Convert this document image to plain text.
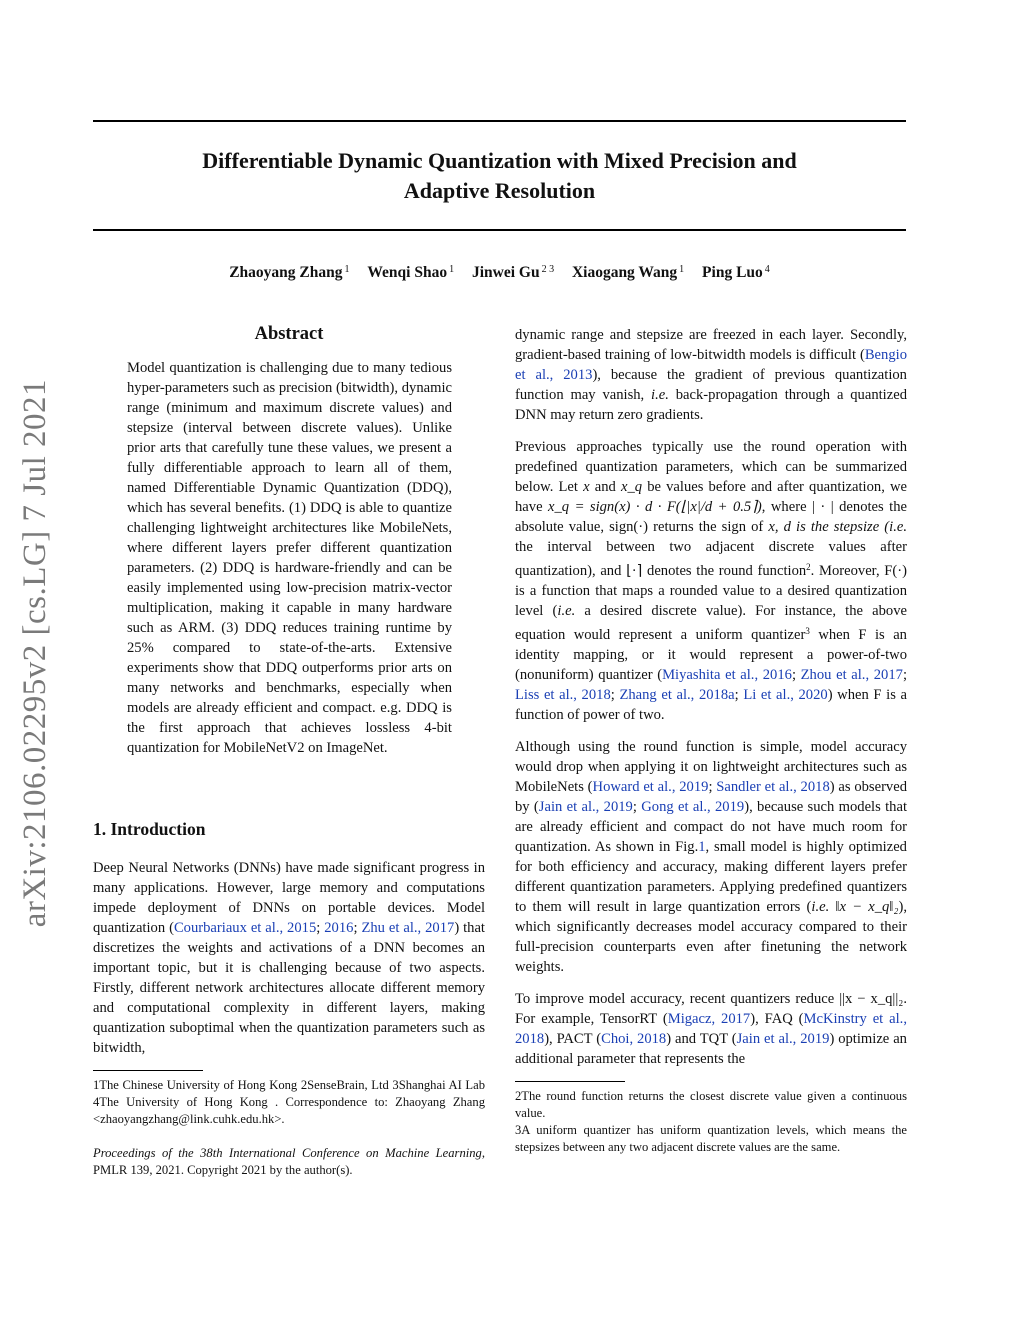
arXiv:2106.02295v2 [cs.LG] 7 Jul 2021
Differentiable Dynamic Quantization with Mixed Precision and
Adaptive Resolution
Zhaoyang Zhang $^1$ Wenqi Shao $^1$ Jinwei Gu $^{2 3}$ Xiaogang Wang $^1$ Ping Luo $^4$
Abstract
Model quantization is challenging due to many tedious hyper-parameters such as precision (bitwidth), dynamic range (minimum and maximum discrete values) and stepsize (interval between discrete values). Unlike prior arts that carefully tune these values, we present a fully differentiable approach to learn all of them, named Differentiable Dynamic Quantization (DDQ), which has several benefits. (1) DDQ is able to quantize challenging lightweight architectures like MobileNets, where different layers prefer different quantization parameters. (2) DDQ is hardware-friendly and can be easily implemented using low-precision matrix-vector multiplication, making it capable in many hardware such as ARM. (3) DDQ reduces training runtime by 25% compared to state-of-the-arts. Extensive experiments show that DDQ outperforms prior arts on many networks and benchmarks, especially when models are already efficient and compact. e.g. DDQ is the first approach that achieves lossless 4-bit quantization for MobileNetV2 on ImageNet.
1. Introduction

Deep Neural Networks (DNNs) have made significant progress in many applications. However, large memory and computations impede deployment of DNNs on portable devices. Model quantization (Courbariaux et al., 2015; 2016; Zhu et al., 2017) that discretizes the weights and activations of a DNN becomes an important topic, but it is challenging because of two aspects. Firstly, different network architectures allocate different memory and computational complexity in different layers, making quantization suboptimal when the quantization parameters such as bitwidth,

1The Chinese University of Hong Kong 2SenseBrain, Ltd 3Shanghai AI Lab 4The University of Hong Kong . Correspondence to: Zhaoyang Zhang <zhaoyangzhang@link.cuhk.edu.hk>.

Proceedings of the 38th International Conference on Machine Learning, PMLR 139, 2021. Copyright 2021 by the author(s).

dynamic range and stepsize are freezed in each layer. Secondly, gradient-based training of low-bitwidth models is difficult (Bengio et al., 2013), because the gradient of previous quantization function may vanish, i.e. back-propagation through a quantized DNN may return zero gradients.

Previous approaches typically use the round operation with predefined quantization parameters, which can be summarized below. Let x and x_q be values before and after quantization, we have x_q = sign(x) · d · F(⌊|x|/d + 0.5⌉), where | · | denotes the absolute value, sign(·) returns the sign of x, d is the stepsize (i.e. the interval between two adjacent discrete values after quantization), and ⌊·⌉ denotes the round function$^2$. Moreover, F(·) is a function that maps a rounded value to a desired quantization level (i.e. a desired discrete value). For instance, the above equation would represent a uniform quantizer$^3$ when F is an identity mapping, or it would represent a power-of-two (nonuniform) quantizer (Miyashita et al., 2016; Zhou et al., 2017; Liss et al., 2018; Zhang et al., 2018a; Li et al., 2020) when F is a function of power of two.

Although using the round function is simple, model accuracy would drop when applying it on lightweight architectures such as MobileNets (Howard et al., 2019; Sandler et al., 2018) as observed by (Jain et al., 2019; Gong et al., 2019), because such models that are already efficient and compact do not have much room for quantization. As shown in Fig.1, small model is highly optimized for both efficiency and accuracy, making different layers prefer different quantization parameters. Applying predefined quantizers to them will result in large quantization errors (i.e. ‖x − x_q‖₂), which significantly decreases model accuracy compared to their full-precision counterparts even after finetuning the network weights.

To improve model accuracy, recent quantizers reduce ||x − x_q||₂. For example, TensorRT (Migacz, 2017), FAQ (McKinstry et al., 2018), PACT (Choi, 2018) and TQT (Jain et al., 2019) optimize an additional parameter that represents the

2The round function returns the closest discrete value given a continuous value.

3A uniform quantizer has uniform quantization levels, which means the stepsizes between any two adjacent discrete values are the same.
